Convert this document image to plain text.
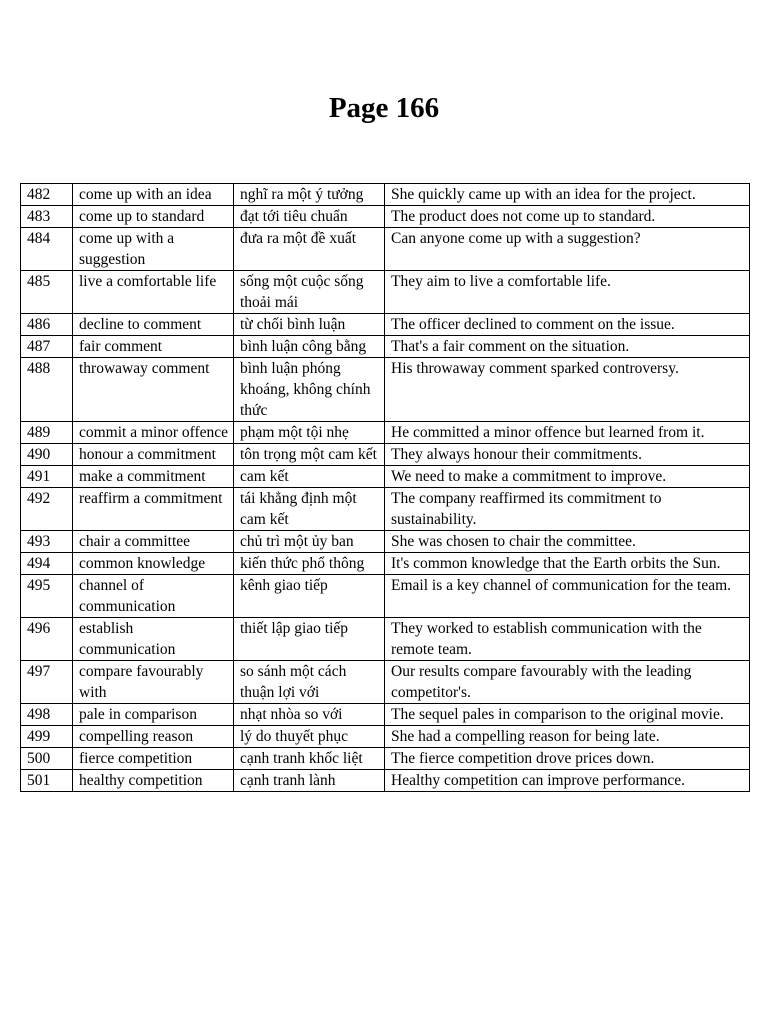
Page 166
482	come up with an idea	nghĩ ra một ý tưởng	She quickly came up with an idea for the project.
483	come up to standard	đạt tới tiêu chuẩn	The product does not come up to standard.
484	come up with a suggestion	đưa ra một đề xuất	Can anyone come up with a suggestion?
485	live a comfortable life	sống một cuộc sống thoải mái	They aim to live a comfortable life.
486	decline to comment	từ chối bình luận	The officer declined to comment on the issue.
487	fair comment	bình luận công bằng	That's a fair comment on the situation.
488	throwaway comment	bình luận phóng khoáng, không chính thức	His throwaway comment sparked controversy.
489	commit a minor offence	phạm một tội nhẹ	He committed a minor offence but learned from it.
490	honour a commitment	tôn trọng một cam kết	They always honour their commitments.
491	make a commitment	cam kết	We need to make a commitment to improve.
492	reaffirm a commitment	tái khẳng định một cam kết	The company reaffirmed its commitment to sustainability.
493	chair a committee	chủ trì một ủy ban	She was chosen to chair the committee.
494	common knowledge	kiến thức phổ thông	It's common knowledge that the Earth orbits the Sun.
495	channel of communication	kênh giao tiếp	Email is a key channel of communication for the team.
496	establish communication	thiết lập giao tiếp	They worked to establish communication with the remote team.
497	compare favourably with	so sánh một cách thuận lợi với	Our results compare favourably with the leading competitor's.
498	pale in comparison	nhạt nhòa so với	The sequel pales in comparison to the original movie.
499	compelling reason	lý do thuyết phục	She had a compelling reason for being late.
500	fierce competition	cạnh tranh khốc liệt	The fierce competition drove prices down.
501	healthy competition	cạnh tranh lành	Healthy competition can improve performance.
